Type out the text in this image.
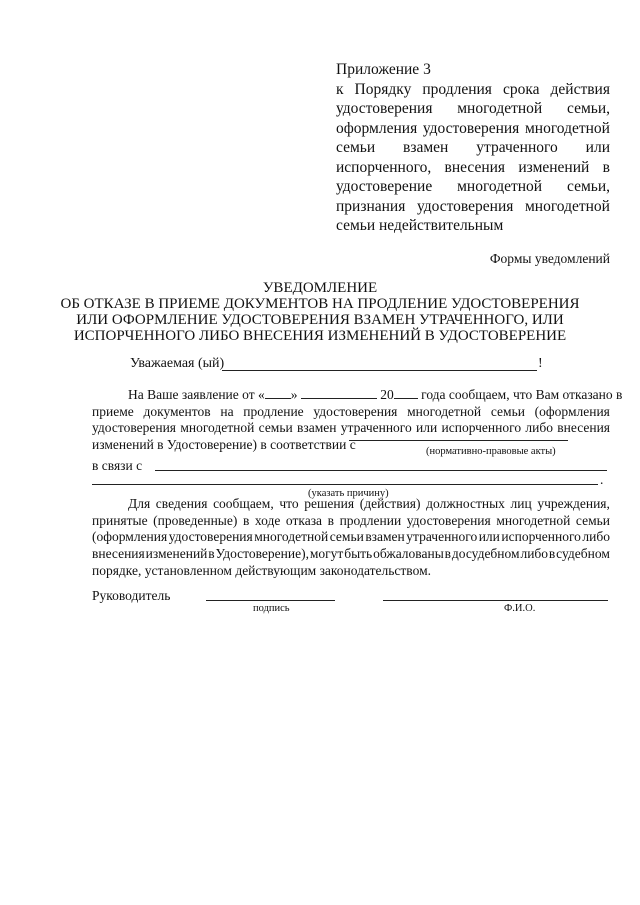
Приложение 3
к Порядку продления срока действия
удостоверения многодетной семьи,
оформления удостоверения многодетной
семьи взамен утраченного или
испорченного, внесения изменений в
удостоверение многодетной семьи,
признания удостоверения многодетной
семьи недействительным
Формы уведомлений
УВЕДОМЛЕНИЕ
ОБ ОТКАЗЕ В ПРИЕМЕ ДОКУМЕНТОВ НА ПРОДЛЕНИЕ УДОСТОВЕРЕНИЯ
ИЛИ ОФОРМЛЕНИЕ УДОСТОВЕРЕНИЯ ВЗАМЕН УТРАЧЕННОГО, ИЛИ
ИСПОРЧЕННОГО ЛИБО ВНЕСЕНИЯ ИЗМЕНЕНИЙ В УДОСТОВЕРЕНИЕ
Уважаемая (ый)	!
На Ваше заявление от « »	20 года сообщаем, что Вам отказано в
приеме документов на продление удостоверения многодетной семьи (оформления
удостоверения многодетной семьи взамен утраченного или испорченного либо внесения
изменений в Удостоверение) в соответствии с	(нормативно-правовые акты)
в связи с
.
(указать причину)
Для сведения сообщаем, что решения (действия) должностных лиц учреждения,
принятые (проведенные) в ходе отказа в продлении удостоверения многодетной семьи
(оформления удостоверения многодетной семьи взамен утраченного или испорченного либо
внесения изменений в Удостоверение), могут быть обжалованы в досудебном либо в судебном
порядке, установленном действующим законодательством.
Руководитель
подпись	Ф.И.О.
